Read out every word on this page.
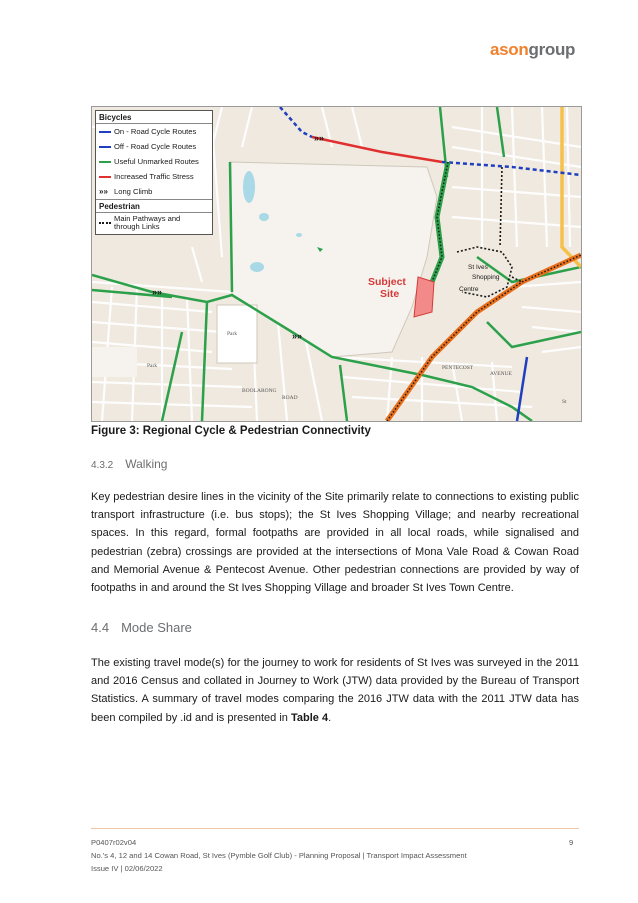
asongroup
»»
»»
»»
Subject
Site
St Ives
Shopping
Centre
PENTECOST
AVENUE
BOOLARONG
ROAD
Park
Park
St
Bicycles
On - Road Cycle Routes
Off - Road Cycle Routes
Useful Unmarked Routes
Increased Traffic Stress
»» Long Climb
Pedestrian
Main Pathways and
through Links
Figure 3: Regional Cycle & Pedestrian Connectivity
4.3.2 Walking
Key pedestrian desire lines in the vicinity of the Site primarily relate to connections to existing public transport infrastructure (i.e. bus stops); the St Ives Shopping Village; and nearby recreational spaces. In this regard, formal footpaths are provided in all local roads, while signalised and pedestrian (zebra) crossings are provided at the intersections of Mona Vale Road & Cowan Road and Memorial Avenue & Pentecost Avenue. Other pedestrian connections are provided by way of footpaths in and around the St Ives Shopping Village and broader St Ives Town Centre.
4.4 Mode Share
The existing travel mode(s) for the journey to work for residents of St Ives was surveyed in the 2011 and 2016 Census and collated in Journey to Work (JTW) data provided by the Bureau of Transport Statistics. A summary of travel modes comparing the 2016 JTW data with the 2011 JTW data has been compiled by .id and is presented in Table 4.
P0407r02v04
No.'s 4, 12 and 14 Cowan Road, St Ives (Pymble Golf Club) - Planning Proposal | Transport Impact Assessment
Issue IV | 02/06/2022
9
